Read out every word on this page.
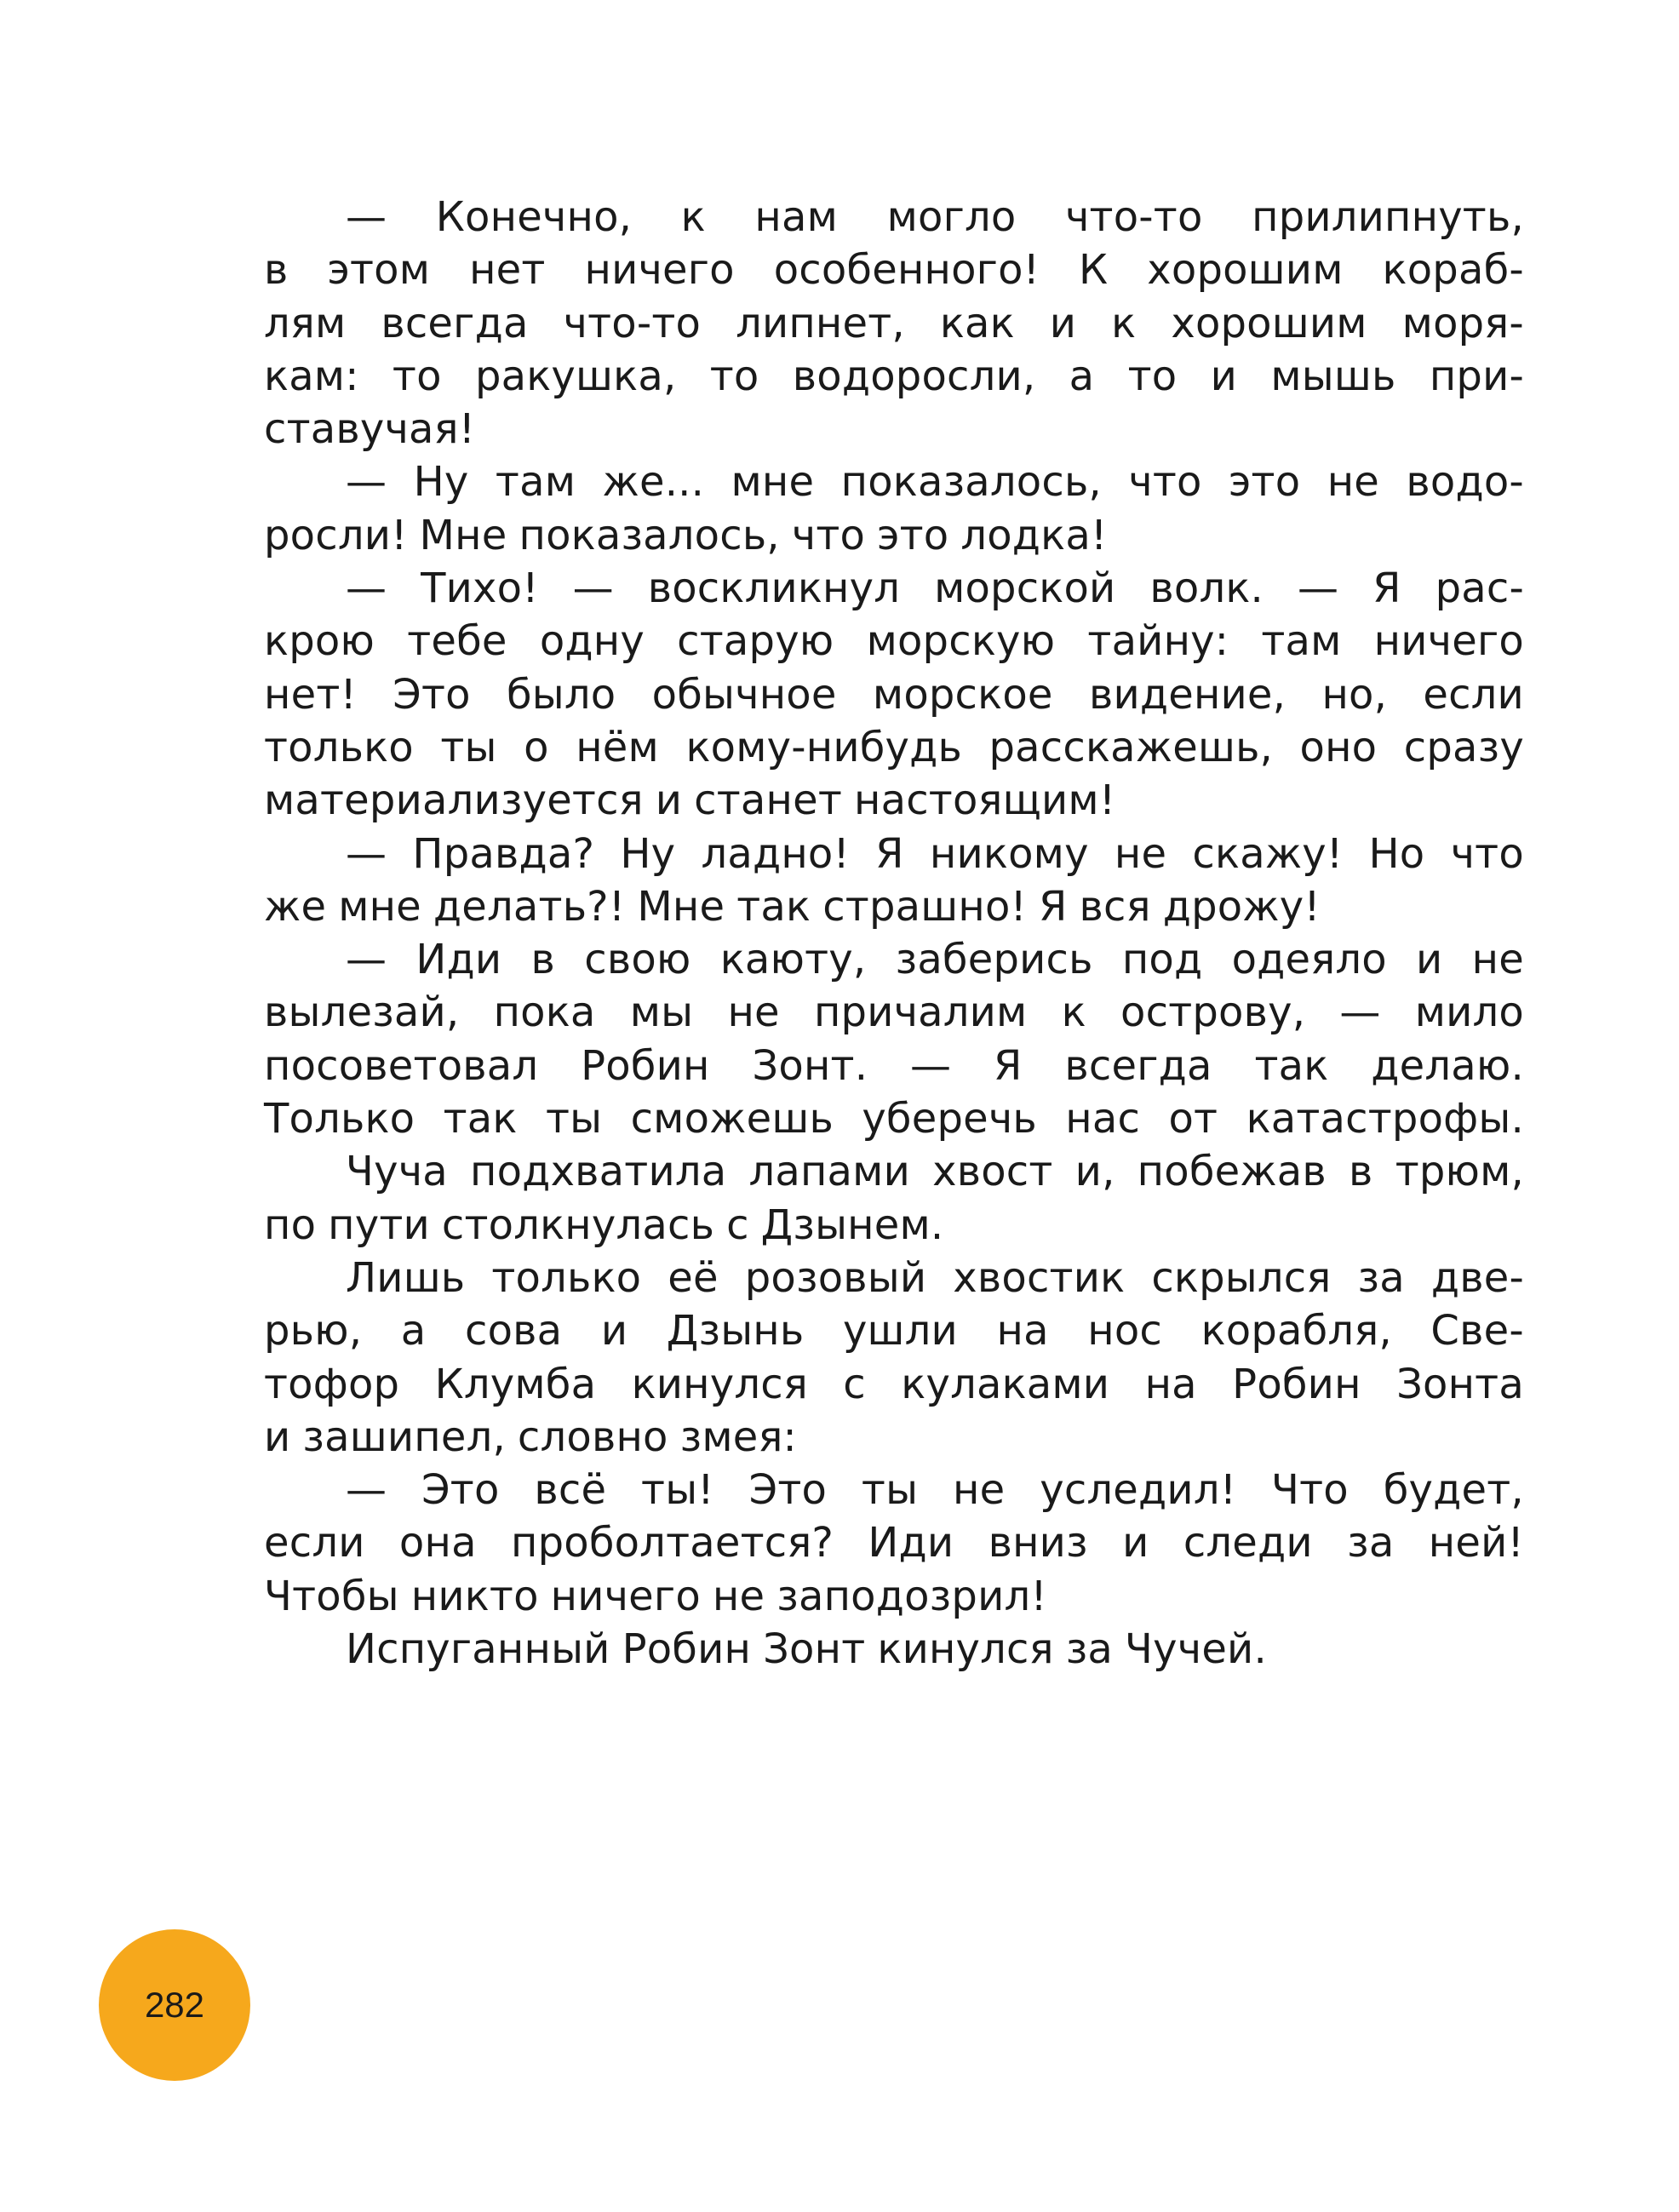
— Конечно, к нам могло что-то прилипнуть,
в этом нет ничего особенного! К хорошим кораб-
лям всегда что-то липнет, как и к хорошим моря-
кам: то ракушка, то водоросли, а то и мышь при-
ставучая!
— Ну там же... мне показалось, что это не водо-
росли! Мне показалось, что это лодка!
— Тихо! — воскликнул морской волк. — Я рас-
крою тебе одну старую морскую тайну: там ничего
нет! Это было обычное морское видение, но, если
только ты о нём кому-нибудь расскажешь, оно сразу
материализуется и станет настоящим!
— Правда? Ну ладно! Я никому не скажу! Но что
же мне делать?! Мне так страшно! Я вся дрожу!
— Иди в свою каюту, заберись под одеяло и не
вылезай, пока мы не причалим к острову, — мило
посоветовал Робин Зонт. — Я всегда так делаю.
Только так ты сможешь уберечь нас от катастрофы.
Чуча подхватила лапами хвост и, побежав в трюм,
по пути столкнулась с Дзынем.
Лишь только её розовый хвостик скрылся за две-
рью, а сова и Дзынь ушли на нос корабля, Све-
тофор Клумба кинулся с кулаками на Робин Зонта
и зашипел, словно змея:
— Это всё ты! Это ты не уследил! Что будет,
если она проболтается? Иди вниз и следи за ней!
Чтобы никто ничего не заподозрил!
Испуганный Робин Зонт кинулся за Чучей.
282
